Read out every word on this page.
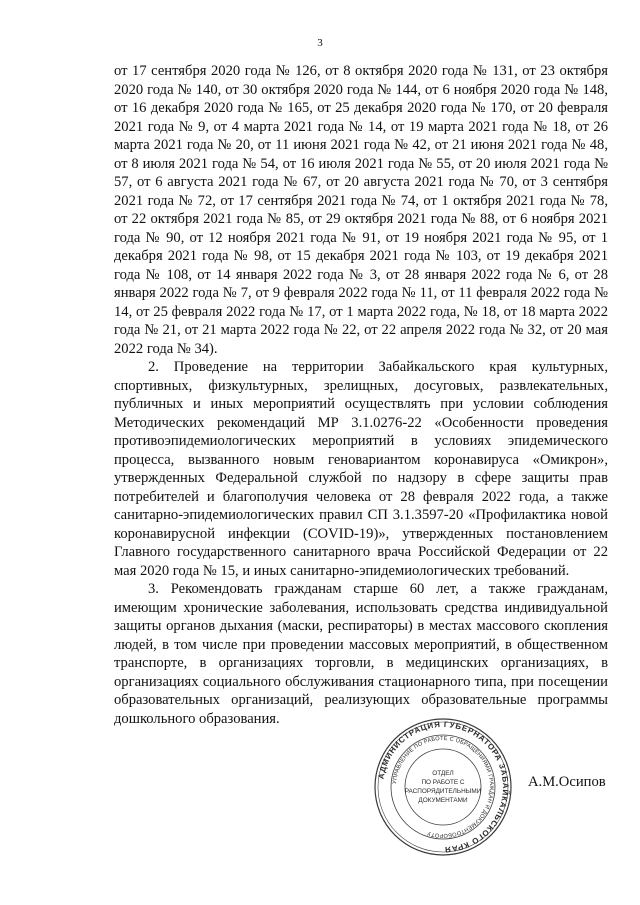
3

от 17 сентября 2020 года № 126, от 8 октября 2020 года № 131, от 23 октября 2020 года № 140, от 30 октября 2020 года № 144, от 6 ноября 2020 года № 148, от 16 декабря 2020 года № 165, от 25 декабря 2020 года № 170, от 20 февраля 2021 года № 9, от 4 марта 2021 года № 14, от 19 марта 2021 года № 18, от 26 марта 2021 года № 20, от 11 июня 2021 года № 42, от 21 июня 2021 года № 48, от 8 июля 2021 года № 54, от 16 июля 2021 года № 55, от 20 июля 2021 года № 57, от 6 августа 2021 года № 67, от 20 августа 2021 года № 70, от 3 сентября 2021 года № 72, от 17 сентября 2021 года № 74, от 1 октября 2021 года № 78, от 22 октября 2021 года № 85, от 29 октября 2021 года № 88, от 6 ноября 2021 года № 90, от 12 ноября 2021 года № 91, от 19 ноября 2021 года № 95, от 1 декабря 2021 года № 98, от 15 декабря 2021 года № 103, от 19 декабря 2021 года № 108, от 14 января 2022 года № 3, от 28 января 2022 года № 6, от 28 января 2022 года № 7, от 9 февраля 2022 года № 11, от 11 февраля 2022 года № 14, от 25 февраля 2022 года № 17, от 1 марта 2022 года, № 18, от 18 марта 2022 года № 21, от 21 марта 2022 года № 22, от 22 апреля 2022 года № 32, от 20 мая 2022 года № 34).

2. Проведение на территории Забайкальского края культурных, спортивных, физкультурных, зрелищных, досуговых, развлекательных, публичных и иных мероприятий осуществлять при условии соблюдения Методических рекомендаций МР 3.1.0276-22 «Особенности проведения противоэпидемиологических мероприятий в условиях эпидемического процесса, вызванного новым геновариантом коронавируса «Омикрон», утвержденных Федеральной службой по надзору в сфере защиты прав потребителей и благополучия человека от 28 февраля 2022 года, а также санитарно-эпидемиологических правил СП 3.1.3597-20 «Профилактика новой коронавирусной инфекции (COVID-19)», утвержденных постановлением Главного государственного санитарного врача Российской Федерации от 22 мая 2020 года № 15, и иных санитарно-эпидемиологических требований.

3. Рекомендовать гражданам старше 60 лет, а также гражданам, имеющим хронические заболевания, использовать средства индивидуальной защиты органов дыхания (маски, респираторы) в местах массового скопления людей, в том числе при проведении массовых мероприятий, в общественном транспорте, в организациях торговли, в медицинских организациях, в организациях социального обслуживания стационарного типа, при посещении образовательных организаций, реализующих образовательные программы дошкольного образования.

АДМИНИСТРАЦИЯ ГУБЕРНАТОРА ЗАБАЙКАЛЬСКОГО КРАЯ
УПРАВЛЕНИЕ ПО РАБОТЕ С ОБРАЩЕНИЯМИ ГРАЖДАН И ДОКУМЕНТООБОРОТУ
ОТДЕЛ
ПО РАБОТЕ С
РАСПОРЯДИТЕЛЬНЫМИ
ДОКУМЕНТАМИ
А.М.Осипов
